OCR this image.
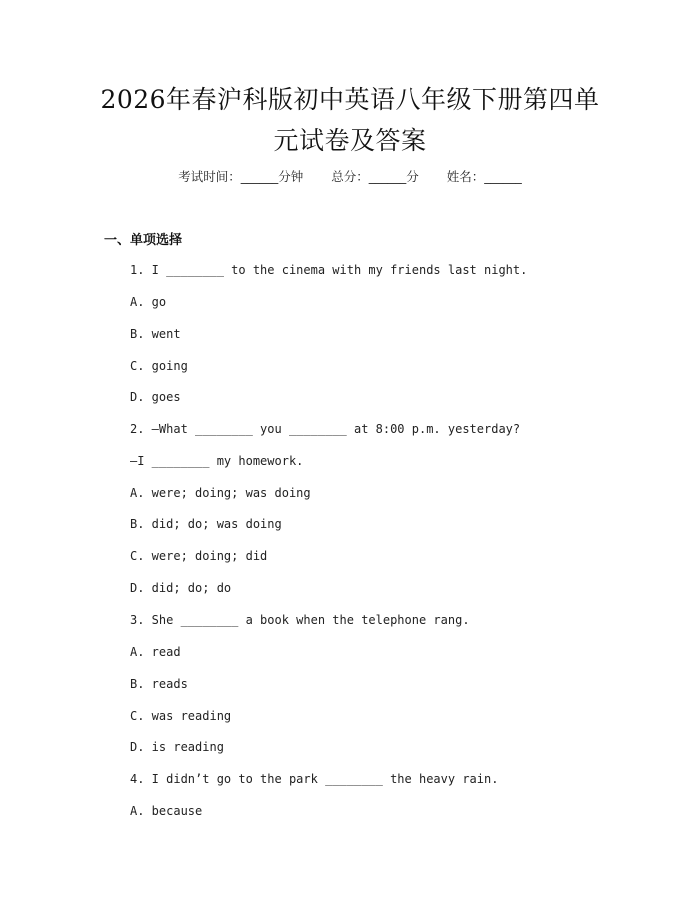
2026年春沪科版初中英语八年级下册第四单
元试卷及答案
考试时间：______分钟 总分：______分 姓名：______
一、单项选择
1. I ________ to the cinema with my friends last night.
A. go
B. went
C. going
D. goes
2. —What ________ you ________ at 8:00 p.m. yesterday?
—I ________ my homework.
A. were; doing; was doing
B. did; do; was doing
C. were; doing; did
D. did; do; do
3. She ________ a book when the telephone rang.
A. read
B. reads
C. was reading
D. is reading
4. I didn’t go to the park ________ the heavy rain.
A. because
